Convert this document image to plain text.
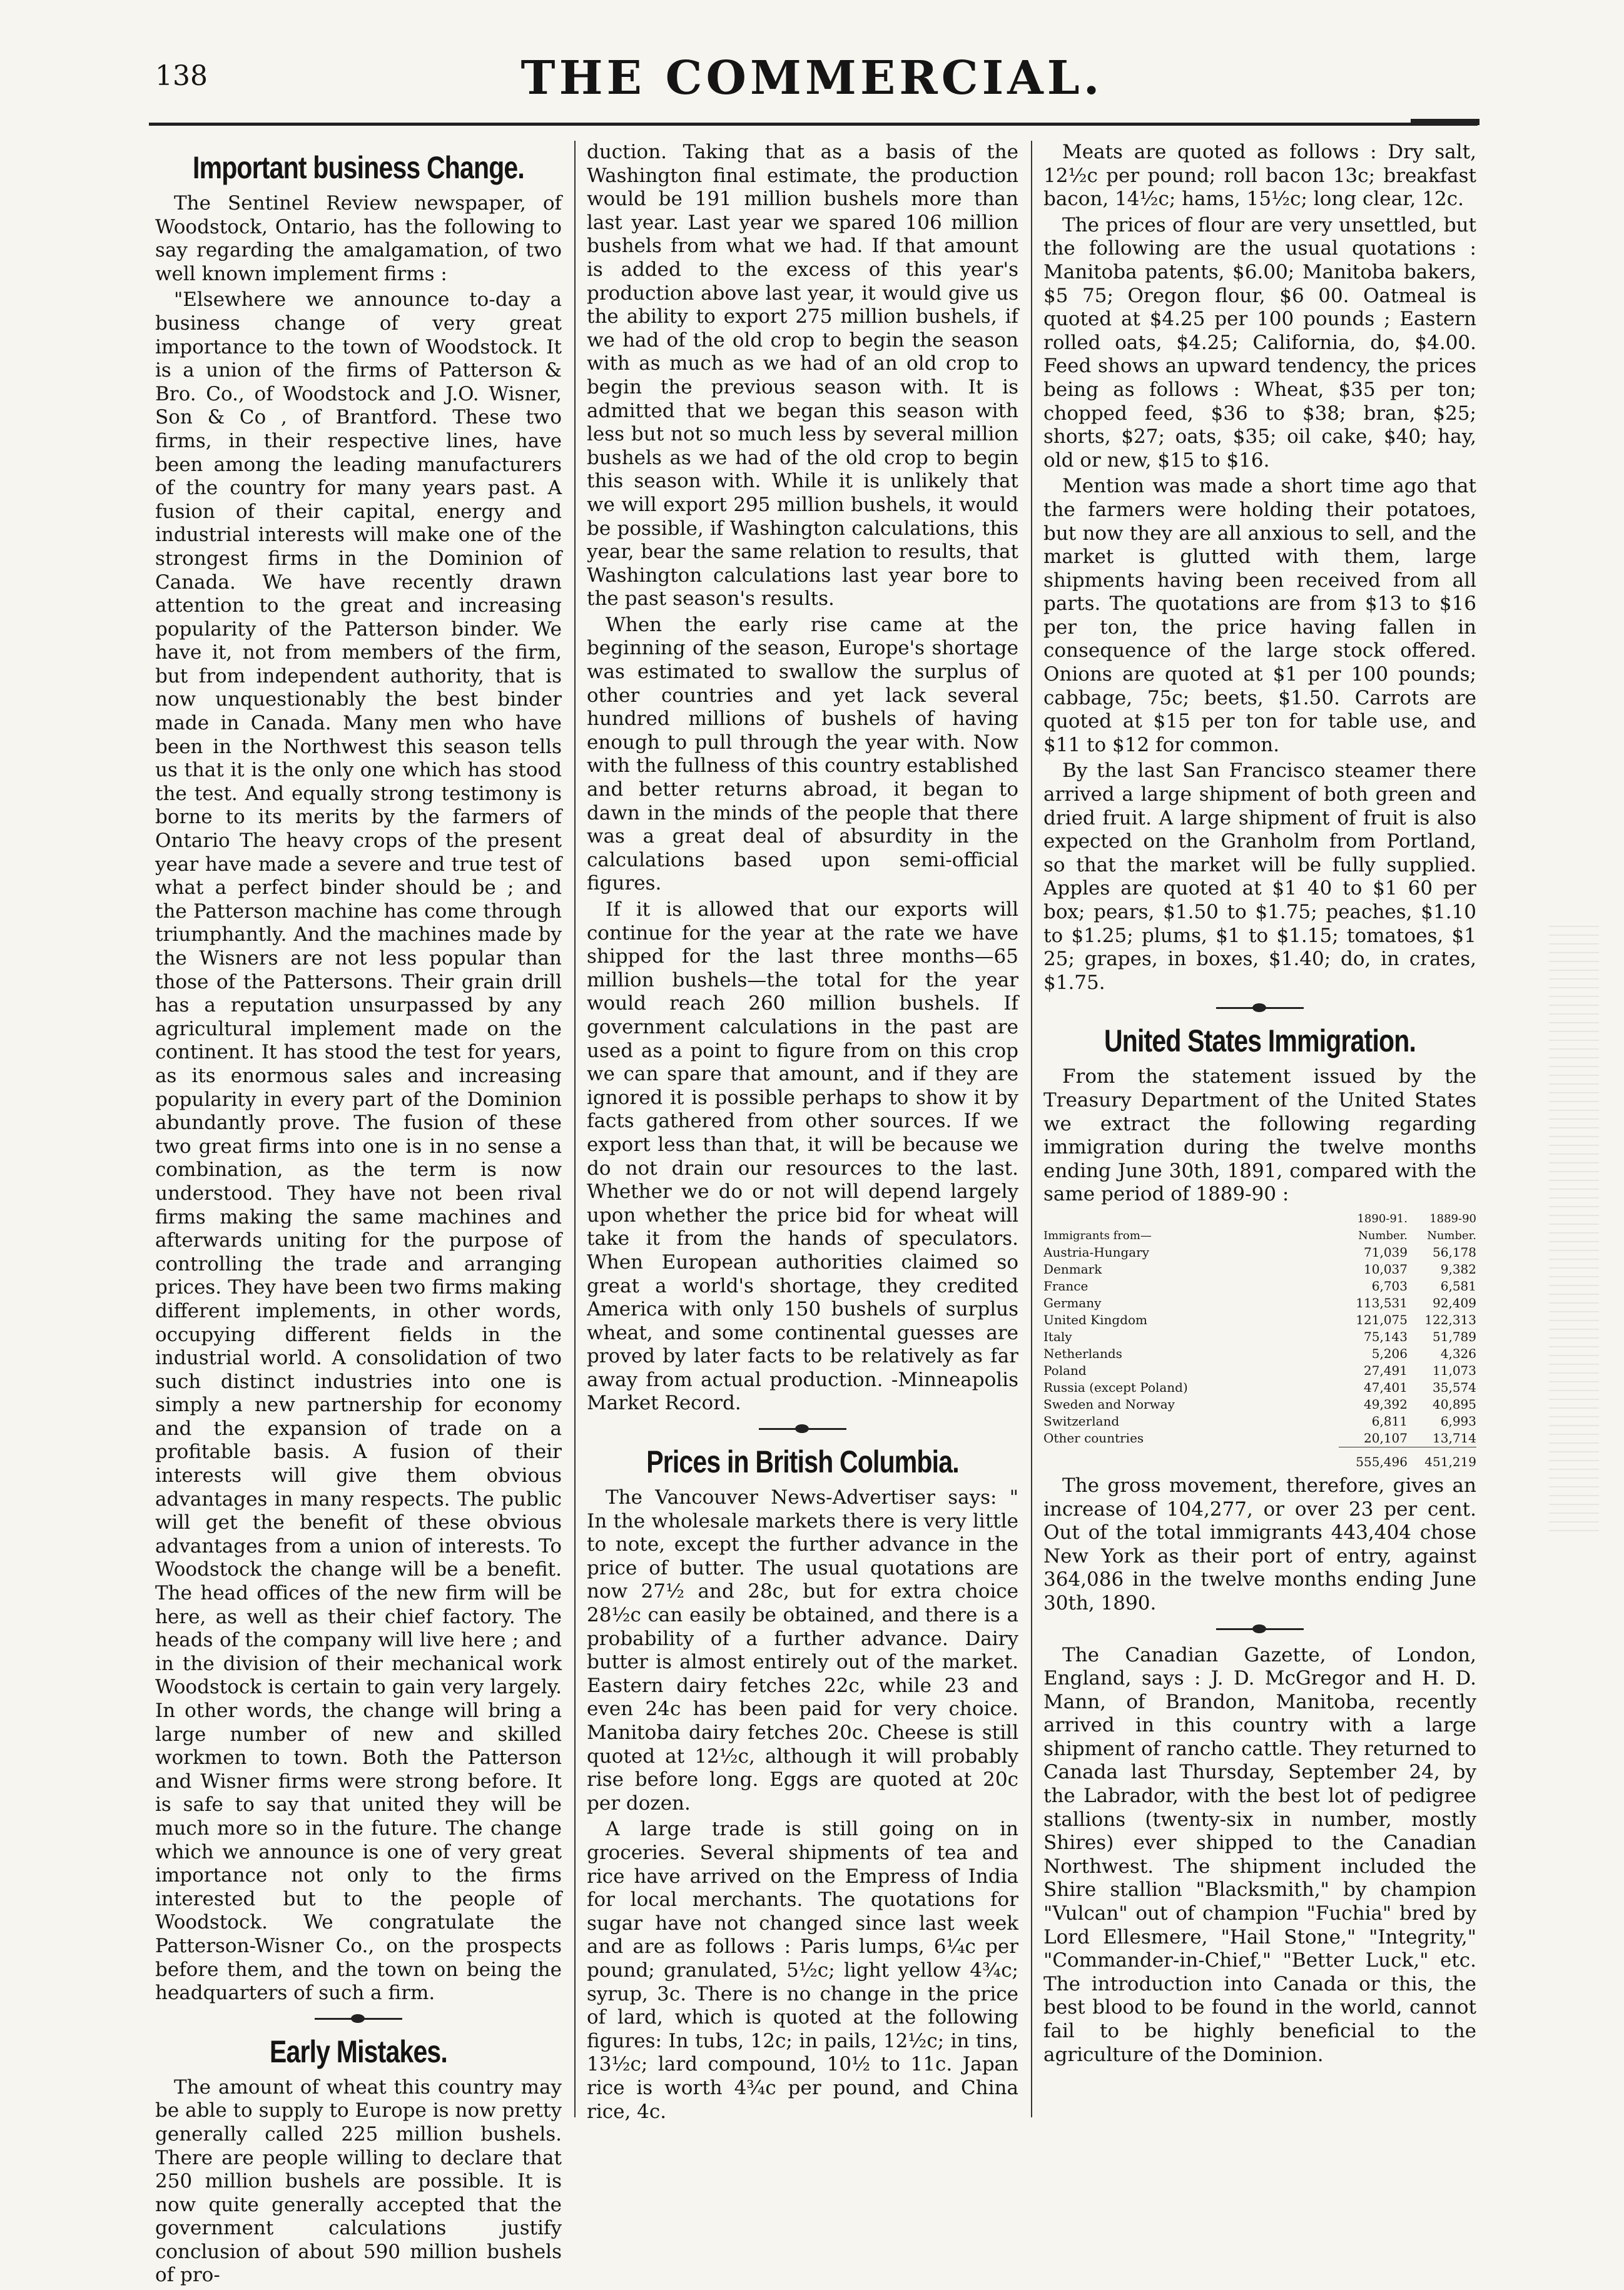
138	THE COMMERCIAL.
Important business Change.

The Sentinel Review newspaper, of Woodstock, Ontario, has the following to say regarding the amalgamation, of two well known implement firms :

"Elsewhere we announce to-day a business change of very great importance to the town of Woodstock. It is a union of the firms of Patterson & Bro. Co., of Woodstock and J.O. Wisner, Son & Co , of Brantford. These two firms, in their respective lines, have been among the leading manufacturers of the country for many years past. A fusion of their capital, energy and industrial interests will make one of the strongest firms in the Dominion of Canada. We have recently drawn attention to the great and increasing popularity of the Patterson binder. We have it, not from members of the firm, but from independent authority, that is now unquestionably the best binder made in Canada. Many men who have been in the Northwest this season tells us that it is the only one which has stood the test. And equally strong testimony is borne to its merits by the farmers of Ontario The heavy crops of the present year have made a severe and true test of what a perfect binder should be ; and the Patterson machine has come through triumphantly. And the machines made by the Wisners are not less popular than those of the Pattersons. Their grain drill has a reputation unsurpassed by any agricultural implement made on the continent. It has stood the test for years, as its enormous sales and increasing popularity in every part of the Dominion abundantly prove. The fusion of these two great firms into one is in no sense a combination, as the term is now understood. They have not been rival firms making the same machines and afterwards uniting for the purpose of controlling the trade and arranging prices. They have been two firms making different implements, in other words, occupying different fields in the industrial world. A consolidation of two such distinct industries into one is simply a new partnership for economy and the expansion of trade on a profitable basis. A fusion of their interests will give them obvious advantages in many respects. The public will get the benefit of these obvious advantages from a union of interests. To Woodstock the change will be a benefit. The head offices of the new firm will be here, as well as their chief factory. The heads of the company will live here ; and in the division of their mechanical work Woodstock is certain to gain very largely. In other words, the change will bring a large number of new and skilled workmen to town. Both the Patterson and Wisner firms were strong before. It is safe to say that united they will be much more so in the future. The change which we announce is one of very great importance not only to the firms interested but to the people of Woodstock. We congratulate the Patterson-Wisner Co., on the prospects before them, and the town on being the headquarters of such a firm.

Early Mistakes.

The amount of wheat this country may be able to supply to Europe is now pretty generally called 225 million bushels. There are people willing to declare that 250 million bushels are possible. It is now quite generally accepted that the government calculations justify conclusion of about 590 million bushels of pro-

duction. Taking that as a basis of the Washington final estimate, the production would be 191 million bushels more than last year. Last year we spared 106 million bushels from what we had. If that amount is added to the excess of this year's production above last year, it would give us the ability to export 275 million bushels, if we had of the old crop to begin the season with as much as we had of an old crop to begin the previous season with. It is admitted that we began this season with less but not so much less by several million bushels as we had of the old crop to begin this season with. While it is unlikely that we will export 295 million bushels, it would be possible, if Washington calculations, this year, bear the same relation to results, that Washington calculations last year bore to the past season's results.

When the early rise came at the beginning of the season, Europe's shortage was estimated to swallow the surplus of other countries and yet lack several hundred millions of bushels of having enough to pull through the year with. Now with the fullness of this country established and better returns abroad, it began to dawn in the minds of the people that there was a great deal of absurdity in the calculations based upon semi-official figures.

If it is allowed that our exports will continue for the year at the rate we have shipped for the last three months—65 million bushels—the total for the year would reach 260 million bushels. If government calculations in the past are used as a point to figure from on this crop we can spare that amount, and if they are ignored it is possible perhaps to show it by facts gathered from other sources. If we export less than that, it will be because we do not drain our resources to the last. Whether we do or not will depend largely upon whether the price bid for wheat will take it from the hands of speculators. When European authorities claimed so great a world's shortage, they credited America with only 150 bushels of surplus wheat, and some continental guesses are proved by later facts to be relatively as far away from actual production. -Minneapolis Market Record.

Prices in British Columbia.

The Vancouver News-Advertiser says: " In the wholesale markets there is very little to note, except the further advance in the price of butter. The usual quotations are now 27½ and 28c, but for extra choice 28½c can easily be obtained, and there is a probability of a further advance. Dairy butter is almost entirely out of the market. Eastern dairy fetches 22c, while 23 and even 24c has been paid for very choice. Manitoba dairy fetches 20c. Cheese is still quoted at 12½c, although it will probably rise before long. Eggs are quoted at 20c per dozen.

A large trade is still going on in groceries. Several shipments of tea and rice have arrived on the Empress of India for local merchants. The quotations for sugar have not changed since last week and are as follows : Paris lumps, 6¼c per pound; granulated, 5½c; light yellow 4¾c; syrup, 3c. There is no change in the price of lard, which is quoted at the following figures: In tubs, 12c; in pails, 12½c; in tins, 13½c; lard compound, 10½ to 11c. Japan rice is worth 4¾c per pound, and China rice, 4c.

Meats are quoted as follows : Dry salt, 12½c per pound; roll bacon 13c; breakfast bacon, 14½c; hams, 15½c; long clear, 12c.

The prices of flour are very unsettled, but the following are the usual quotations : Manitoba patents, $6.00; Manitoba bakers, $5 75; Oregon flour, $6 00. Oatmeal is quoted at $4.25 per 100 pounds ; Eastern rolled oats, $4.25; California, do, $4.00. Feed shows an upward tendency, the prices being as follows : Wheat, $35 per ton; chopped feed, $36 to $38; bran, $25; shorts, $27; oats, $35; oil cake, $40; hay, old or new, $15 to $16.

Mention was made a short time ago that the farmers were holding their potatoes, but now they are all anxious to sell, and the market is glutted with them, large shipments having been received from all parts. The quotations are from $13 to $16 per ton, the price having fallen in consequence of the large stock offered. Onions are quoted at $1 per 100 pounds; cabbage, 75c; beets, $1.50. Carrots are quoted at $15 per ton for table use, and $11 to $12 for common.

By the last San Francisco steamer there arrived a large shipment of both green and dried fruit. A large shipment of fruit is also expected on the Granholm from Portland, so that the market will be fully supplied. Apples are quoted at $1 40 to $1 60 per box; pears, $1.50 to $1.75; peaches, $1.10 to $1.25; plums, $1 to $1.15; tomatoes, $1 25; grapes, in boxes, $1.40; do, in crates, $1.75.

United States Immigration.

From the statement issued by the Treasury Department of the United States we extract the following regarding immigration during the twelve months ending June 30th, 1891, compared with the same period of 1889-90 :

	1890-91.	1889-90
Immigrants from—	Number.	Number.
Austria-Hungary	71,039	56,178
Denmark	10,037	9,382
France	6,703	6,581
Germany	113,531	92,409
United Kingdom	121,075	122,313
Italy	75,143	51,789
Netherlands	5,206	4,326
Poland	27,491	11,073
Russia (except Poland)	47,401	35,574
Sweden and Norway	49,392	40,895
Switzerland	6,811	6,993
Other countries	20,107	13,714
	555,496	451,219

The gross movement, therefore, gives an increase of 104,277, or over 23 per cent. Out of the total immigrants 443,404 chose New York as their port of entry, against 364,086 in the twelve months ending June 30th, 1890.

The Canadian Gazette, of London, England, says : J. D. McGregor and H. D. Mann, of Brandon, Manitoba, recently arrived in this country with a large shipment of rancho cattle. They returned to Canada last Thursday, September 24, by the Labrador, with the best lot of pedigree stallions (twenty-six in number, mostly Shires) ever shipped to the Canadian Northwest. The shipment included the Shire stallion "Blacksmith," by champion "Vulcan" out of champion "Fuchia" bred by Lord Ellesmere, "Hail Stone," "Integrity," "Commander-in-Chief," "Better Luck," etc. The introduction into Canada or this, the best blood to be found in the world, cannot fail to be highly beneficial to the agriculture of the Dominion.
